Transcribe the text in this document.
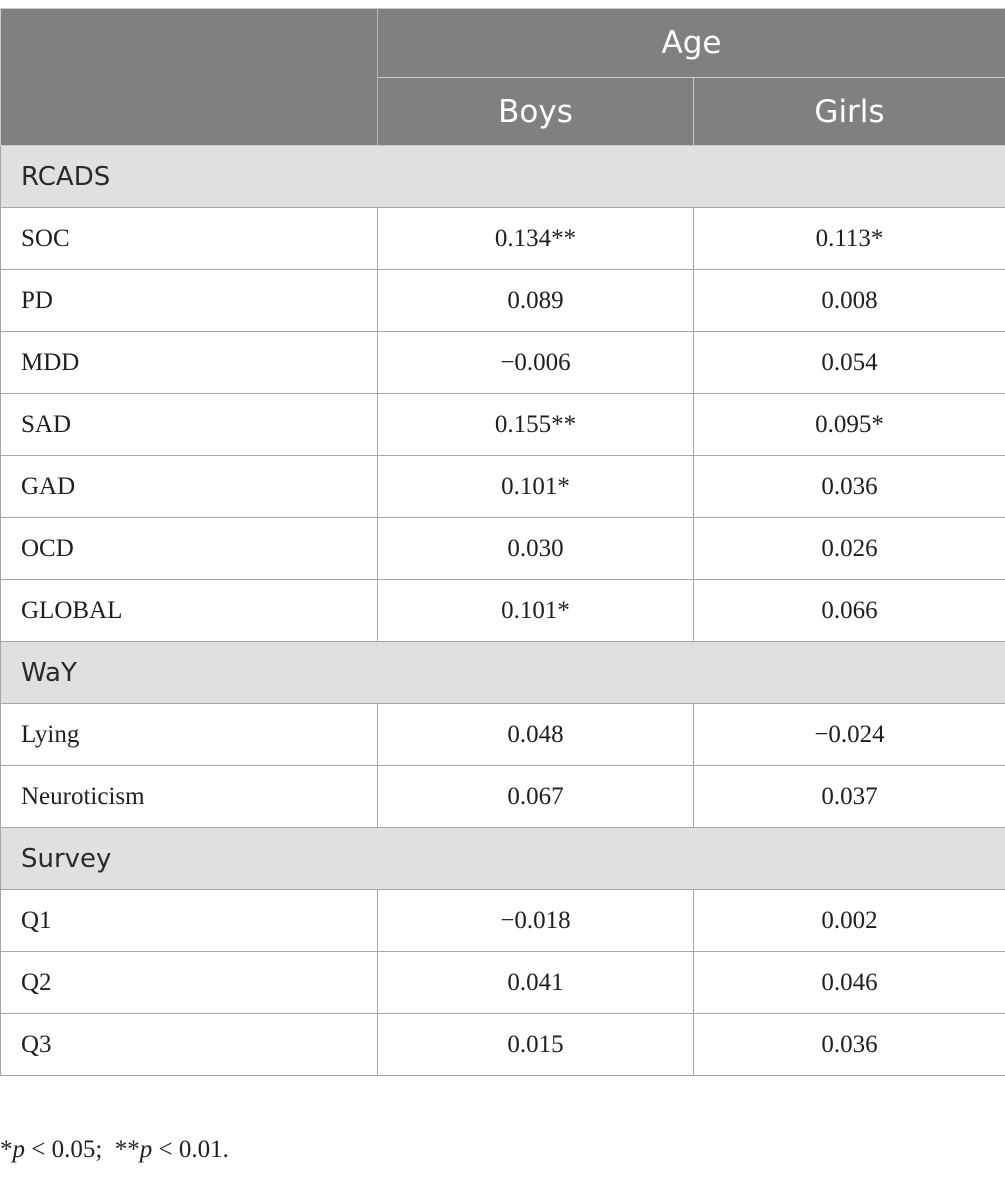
	Age	
	Boys	Girls
RCADS		
SOC	0.134**	0.113*
PD	0.089	0.008
MDD	−0.006	0.054
SAD	0.155**	0.095*
GAD	0.101*	0.036
OCD	0.030	0.026
GLOBAL	0.101*	0.066
WaY		
Lying	0.048	−0.024
Neuroticism	0.067	0.037
Survey		
Q1	−0.018	0.002
Q2	0.041	0.046
Q3	0.015	0.036
*p < 0.05;  **p < 0.01.
